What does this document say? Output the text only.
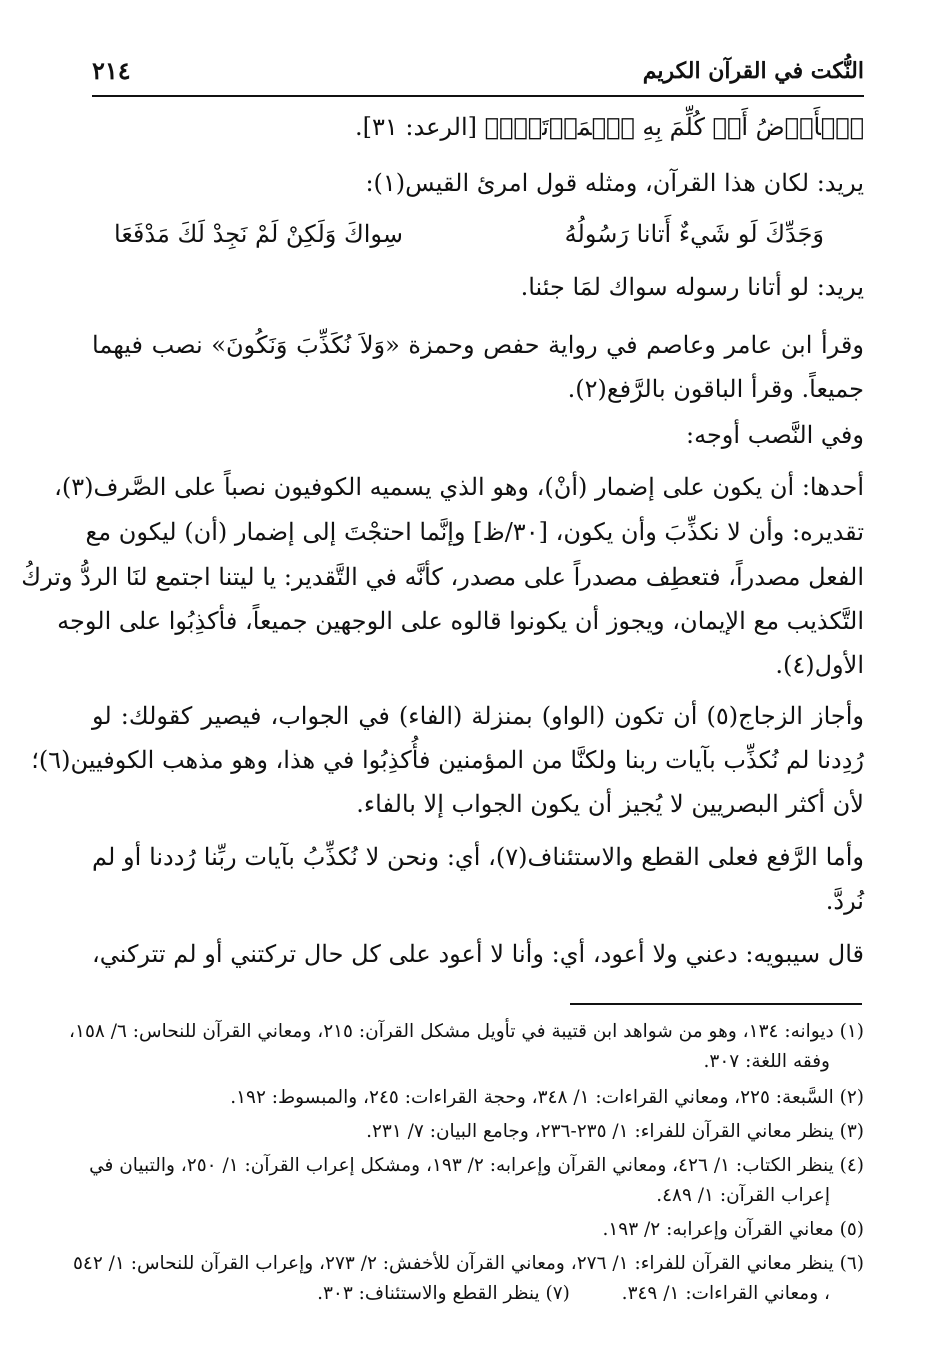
النُّكت في القرآن الكريم
٢١٤
ٱلۡأَرۡضُ أَوۡ كُلِّمَ بِهِ ٱلۡمَوۡتَىٰۗ﴾ [الرعد: ٣١].
يريد: لكان هذا القرآن، ومثله قول امرئ القيس(١):
وَجَدِّكَ لَو شَيءٌ أَتانا رَسُولُهُ
سِواكَ وَلَكِنْ لَمْ نَجِدْ لَكَ مَدْفَعَا
يريد: لو أتانا رسوله سواك لمَا جئنا.
وقرأ ابن عامر وعاصم في رواية حفص وحمزة «وَلاَ نُكَذِّبَ وَنَكُونَ» نصب فيهما
جميعاً. وقرأ الباقون بالرَّفع(٢).
وفي النَّصب أوجه:
أحدها: أن يكون على إضمار (أنْ)، وهو الذي يسميه الكوفيون نصباً على الصَّرف(٣)،
تقديره: وأن لا نكذِّبَ وأن يكون، [٣٠/ظ] وإنَّما احتجْتَ إلى إضمار (أن) ليكون مع
الفعل مصدراً، فتعطِف مصدراً على مصدر، كأنَّه في التَّقدير: يا ليتنا اجتمع لنَا الردُّ وتركُ
التَّكذيب مع الإيمان، ويجوز أن يكونوا قالوه على الوجهين جميعاً، فأكذِبُوا على الوجه
الأول(٤).
وأجاز الزجاج(٥) أن تكون (الواو) بمنزلة (الفاء) في الجواب، فيصير كقولك: لو
رُدِدنا لم نُكذِّب بآيات ربنا ولكنَّا من المؤمنين فأُكذِبُوا في هذا، وهو مذهب الكوفيين(٦)؛
لأن أكثر البصريين لا يُجيز أن يكون الجواب إلا بالفاء.
وأما الرَّفع فعلى القطع والاستئناف(٧)، أي: ونحن لا نُكذِّبُ بآيات ربِّنا رُددنا أو لم
نُردَّ.
قال سيبويه: دعني ولا أعود، أي: وأنا لا أعود على كل حال تركتني أو لم تتركني،
(١) ديوانه: ١٣٤، وهو من شواهد ابن قتيبة في تأويل مشكل القرآن: ٢١٥، ومعاني القرآن للنحاس: ٦/ ١٥٨،
وفقه اللغة: ٣٠٧.
(٢) السَّبعة: ٢٢٥، ومعاني القراءات: ١/ ٣٤٨، وحجة القراءات: ٢٤٥، والمبسوط: ١٩٢.
(٣) ينظر معاني القرآن للفراء: ١/ ٢٣٥-٢٣٦، وجامع البيان: ٧/ ٢٣١.
(٤) ينظر الكتاب: ١/ ٤٢٦، ومعاني القرآن وإعرابه: ٢/ ١٩٣، ومشكل إعراب القرآن: ١/ ٢٥٠، والتبيان في
إعراب القرآن: ١/ ٤٨٩.
(٥) معاني القرآن وإعرابه: ٢/ ١٩٣.
(٦) ينظر معاني القرآن للفراء: ١/ ٢٧٦، ومعاني القرآن للأخفش: ٢/ ٢٧٣، وإعراب القرآن للنحاس: ١/ ٥٤٢
، ومعاني القراءات: ١/ ٣٤٩.  (٧) ينظر القطع والاستئناف: ٣٠٣.
